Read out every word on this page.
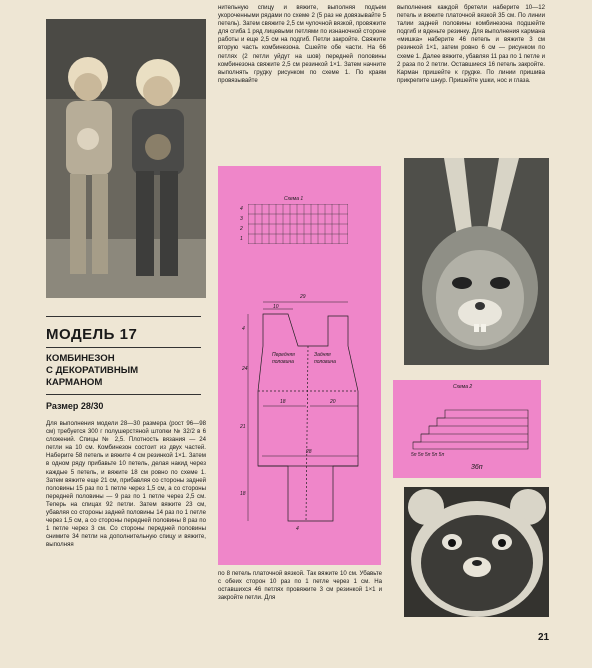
МОДЕЛЬ 17
КОМБИНЕЗОН
С ДЕКОРАТИВНЫМ
КАРМАНОМ
Размер 28/30
Для выполнения модели 28—30 размера (рост 96—98 см) требуется 300 г полушерстяной штопки № 32/2 в 6 сложений. Спицы № 2,5. Плотность вязания — 24 петли на 10 см. Комбинезон состоит из двух частей. Наберите 58 петель и вяжите 4 см резинкой 1×1. Затем в одном ряду прибавьте 10 петель, делая накид через каждые 5 петель, и вяжите 18 см ровно по схеме 1. Затем вяжите еще 21 см, прибавляя со стороны задней половины 15 раз по 1 петле через 1,5 см, а со стороны передней половины — 9 раз по 1 петле через 2,5 см. Теперь на спицах 92 петли. Затем вяжите 23 см, убавляя со стороны задней половины 14 раз по 1 петле через 1,5 см, а со стороны передней половины 8 раз по 1 петле через 3 см. Со стороны передней половины снимите 34 петли на дополнительную спицу и вяжите, выполняя
нительную спицу и вяжите, выполняя подъем укороченными рядами по схеме 2 (5 раз не довязывайте 5 петель). Затем свяжите 2,5 см чулочной вязкой, провяжите для сгиба 1 ряд лицевыми петлями по изнаночной стороне работы и еще 2,5 см на подгиб. Петли закройте. Свяжите вторую часть комбинезона. Сшейте обе части. На 66 петлях (2 петли уйдут на шов) передней половины комбинезона свяжите 2,5 см резинкой 1×1. Затем начните выполнять грудку рисунком по схеме 1. По краям провязывайте
выполнения каждой бретели наберите 10—12 петель и вяжите платочной вязкой 35 см. По линии талии задней половины комбинезона подшейте подгиб и вденьте резинку. Для выполнения кармана «мишка» наберите 46 петель и вяжите 3 см резинкой 1×1, затем ровно 6 см — рисунком по схеме 1. Далее вяжите, убавляя 11 раз по 1 петле и 2 раза по 2 петли. Оставшиеся 16 петель закройте. Карман пришейте к грудке. По линии пришива прикрепите шнур. Пришейте ушки, нос и глаза.
Схема 1
4
3
2
1
29
10
4
18	20
28
21
18
24
Передняя
половина
Задняя
половина
4
по 8 петель платочной вязкой. Так вяжите 10 см. Убавьте с обеих сторон 10 раз по 1 петле через 1 см. На оставшихся 46 петлях провяжите 3 см резинкой 1×1 и закройте петли. Для
Схема 2
5п 5п 5п 5п 5п
36п
21
